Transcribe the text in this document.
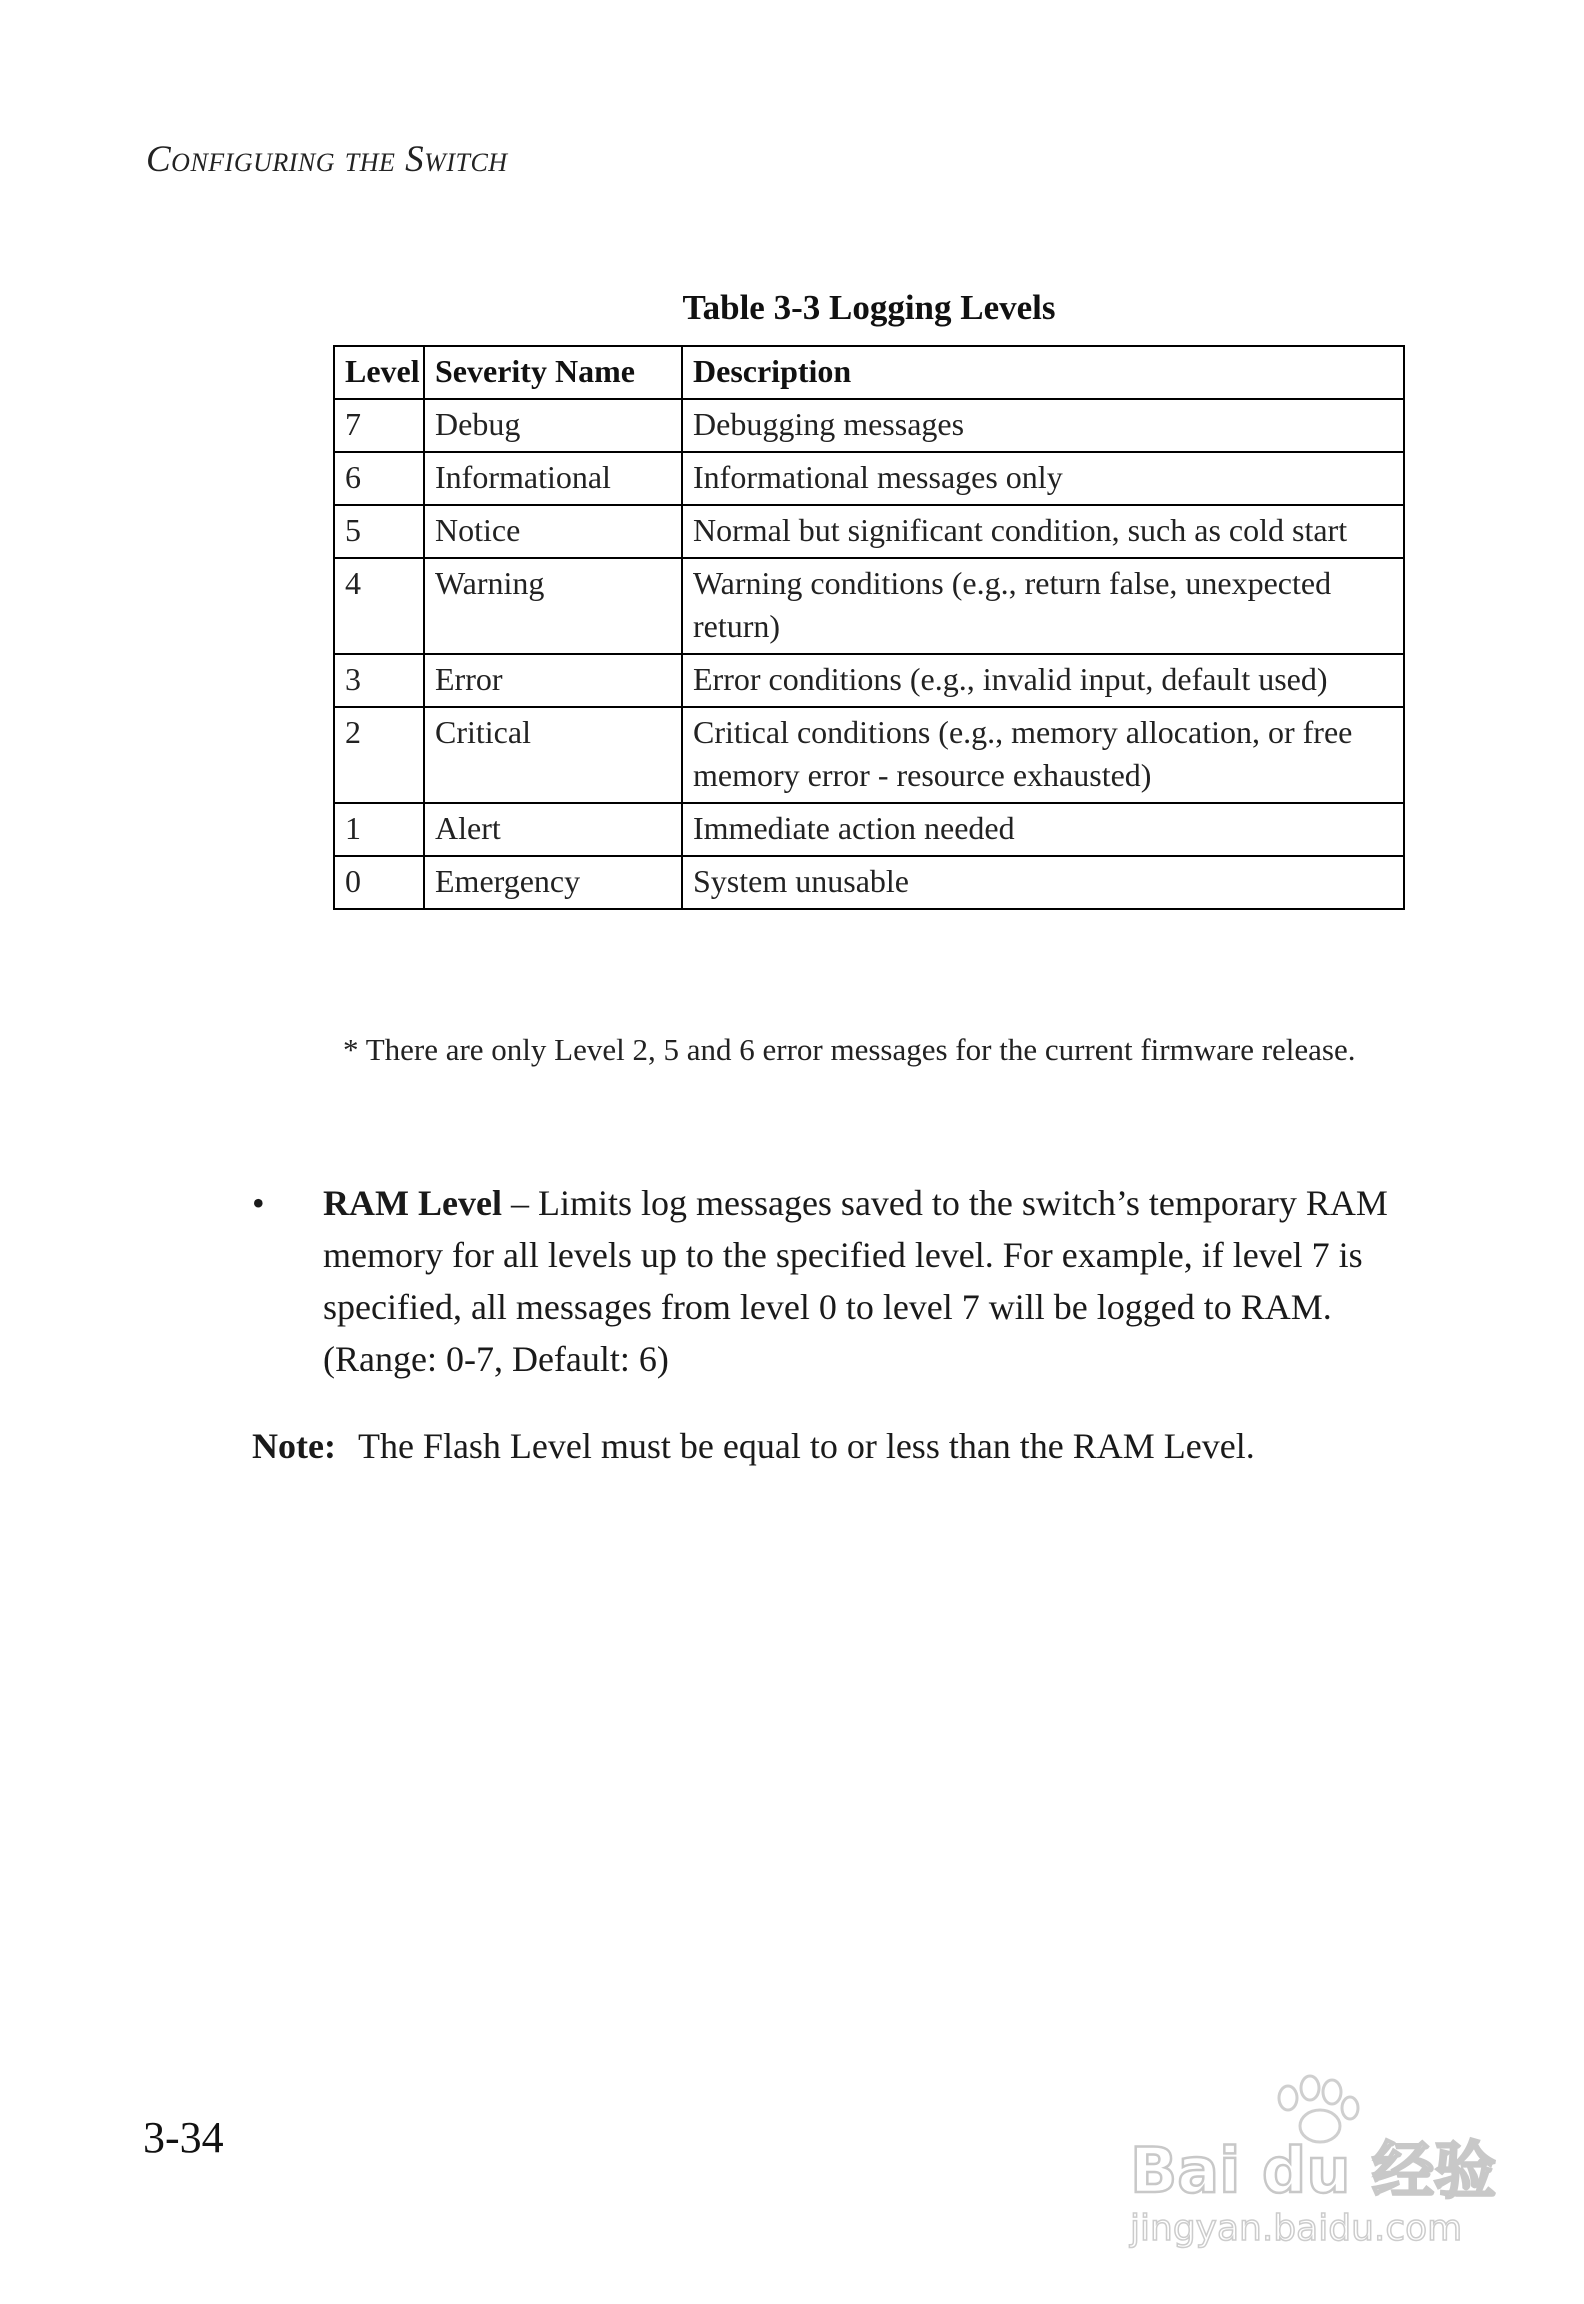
Configuring the Switch
Table 3-3 Logging Levels
Level	Severity Name	Description
7	Debug	Debugging messages
6	Informational	Informational messages only
5	Notice	Normal but significant condition, such as cold start
4	Warning	Warning conditions (e.g., return false, unexpected return)
3	Error	Error conditions (e.g., invalid input, default used)
2	Critical	Critical conditions (e.g., memory allocation, or free memory error - resource exhausted)
1	Alert	Immediate action needed
0	Emergency	System unusable
* There are only Level 2, 5 and 6 error messages for the current firmware release.
• RAM Level – Limits log messages saved to the switch’s temporary RAM memory for all levels up to the specified level. For example, if level 7 is specified, all messages from level 0 to level 7 will be logged to RAM. (Range: 0-7, Default: 6)
Note: The Flash Level must be equal to or less than the RAM Level.
3-34	Bai du 经验
jingyan.baidu.com
